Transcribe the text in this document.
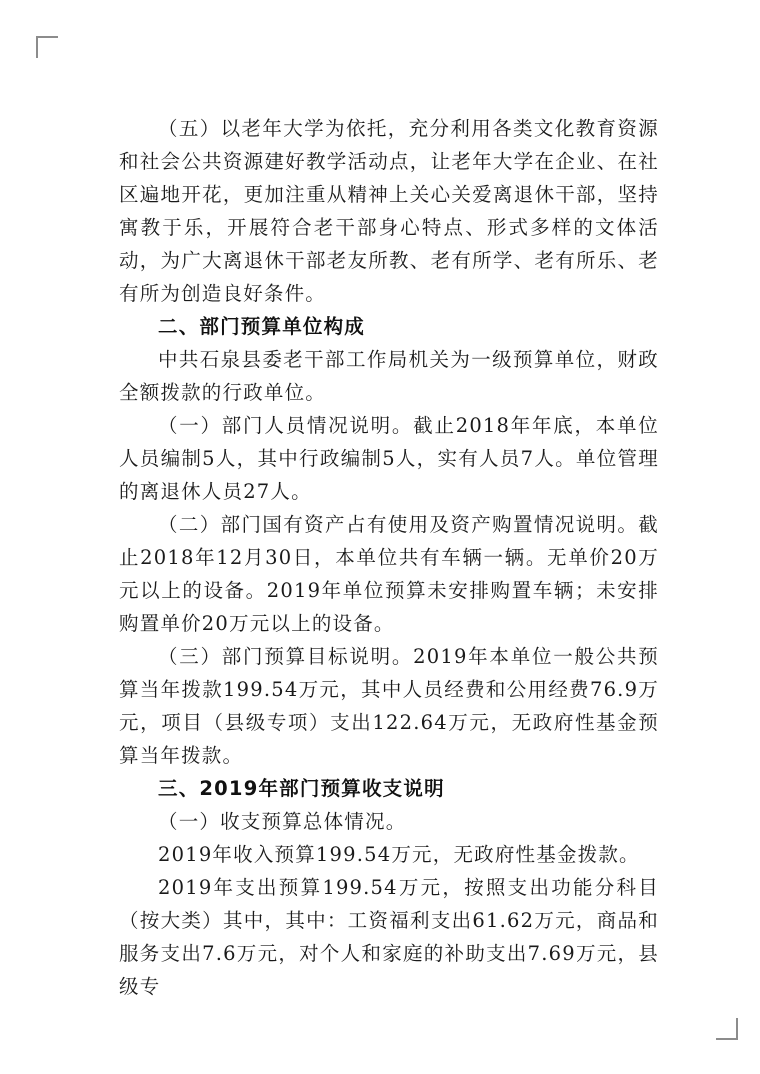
（五）以老年大学为依托，充分利用各类文化教育资源和社会公共资源建好教学活动点，让老年大学在企业、在社区遍地开花，更加注重从精神上关心关爱离退休干部，坚持寓教于乐，开展符合老干部身心特点、形式多样的文体活动，为广大离退休干部老友所教、老有所学、老有所乐、老有所为创造良好条件。

二、部门预算单位构成

中共石泉县委老干部工作局机关为一级预算单位，财政全额拨款的行政单位。

（一）部门人员情况说明。截止2018年年底，本单位人员编制5人，其中行政编制5人，实有人员7人。单位管理的离退休人员27人。

（二）部门国有资产占有使用及资产购置情况说明。截止2018年12月30日，本单位共有车辆一辆。无单价20万元以上的设备。2019年单位预算未安排购置车辆；未安排购置单价20万元以上的设备。

（三）部门预算目标说明。2019年本单位一般公共预算当年拨款199.54万元，其中人员经费和公用经费76.9万元，项目（县级专项）支出122.64万元，无政府性基金预算当年拨款。

三、2019年部门预算收支说明

（一）收支预算总体情况。

2019年收入预算199.54万元，无政府性基金拨款。

2019年支出预算199.54万元，按照支出功能分科目（按大类）其中，其中：工资福利支出61.62万元，商品和服务支出7.6万元，对个人和家庭的补助支出7.69万元，县级专
